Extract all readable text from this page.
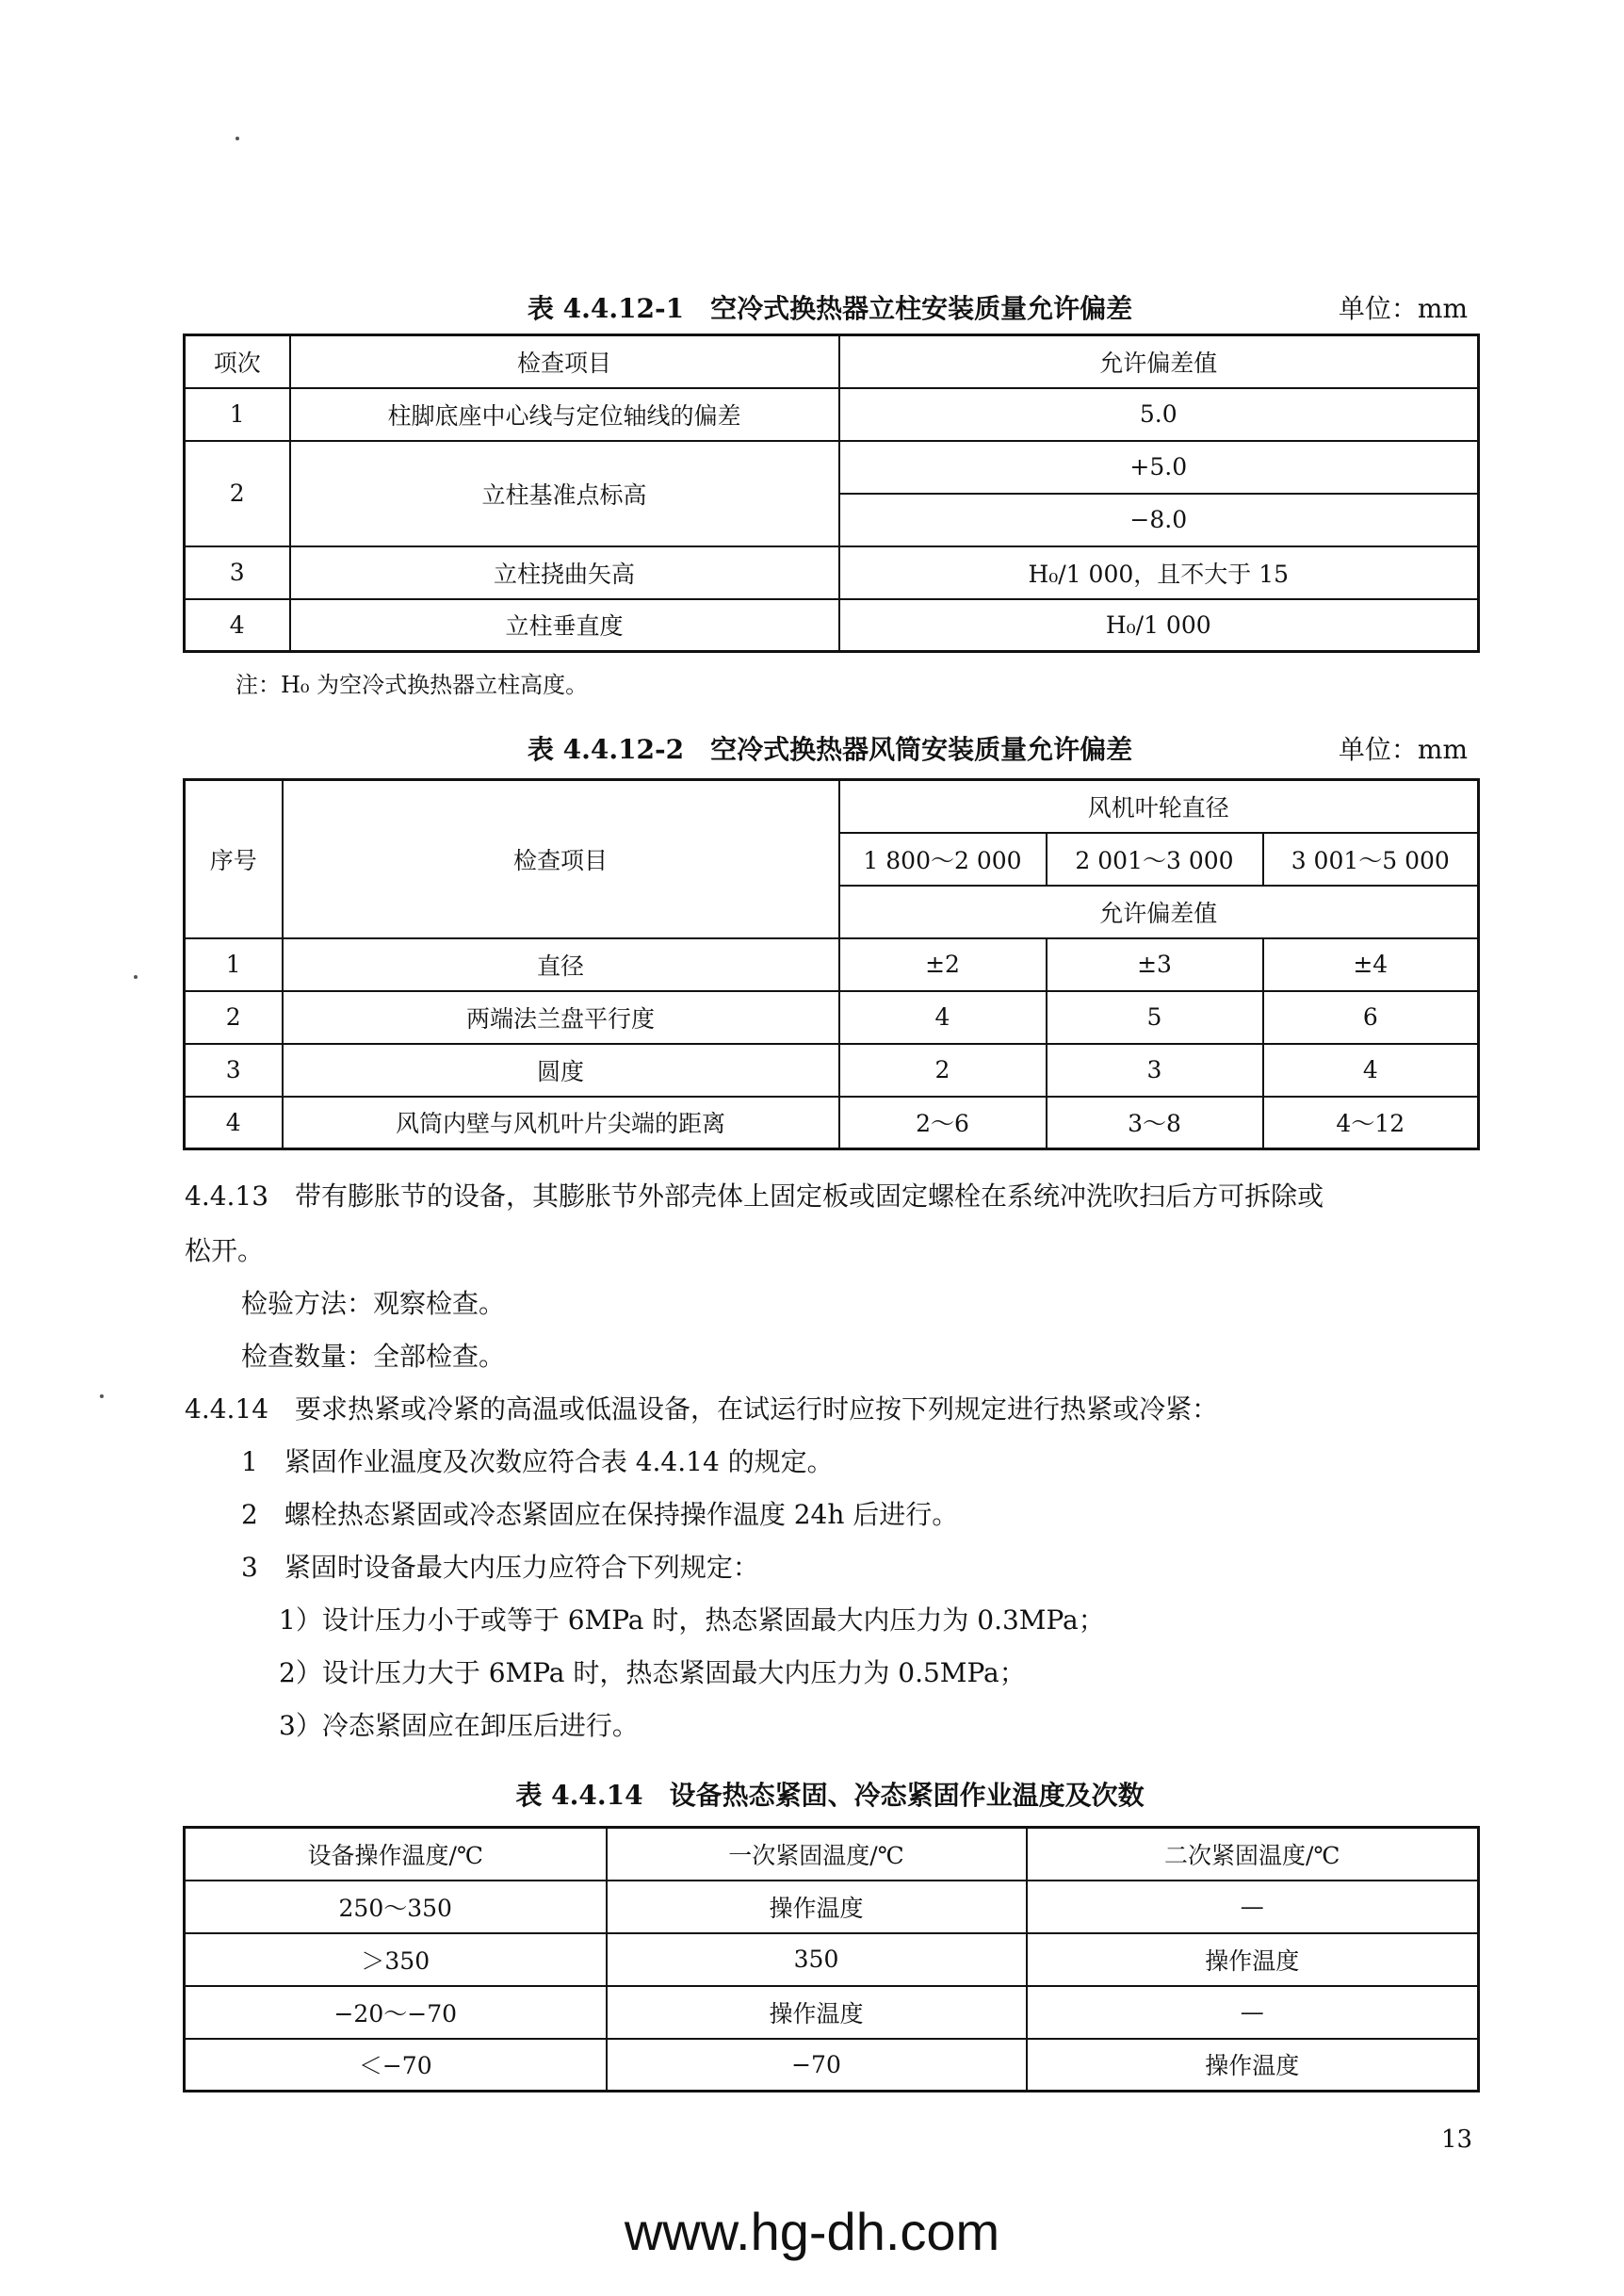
表 4.4.12-1　空冷式换热器立柱安装质量允许偏差	单位：mm
项次	检查项目	允许偏差值
1	柱脚底座中心线与定位轴线的偏差	5.0
2	立柱基准点标高	+5.0
		−8.0
3	立柱挠曲矢高	H₀/1 000，且不大于 15
4	立柱垂直度	H₀/1 000
注：H₀ 为空冷式换热器立柱高度。
表 4.4.12-2　空冷式换热器风筒安装质量允许偏差	单位：mm
序号	检查项目	风机叶轮直径		
		1 800～2 000	2 001～3 000	3 001～5 000
		允许偏差值		
1	直径	±2	±3	±4
2	两端法兰盘平行度	4	5	6
3	圆度	2	3	4
4	风筒内壁与风机叶片尖端的距离	2～6	3～8	4～12
4.4.13　带有膨胀节的设备，其膨胀节外部壳体上固定板或固定螺栓在系统冲洗吹扫后方可拆除或
松开。
检验方法：观察检查。
检查数量：全部检查。
4.4.14　要求热紧或冷紧的高温或低温设备，在试运行时应按下列规定进行热紧或冷紧：
1　紧固作业温度及次数应符合表 4.4.14 的规定。
2　螺栓热态紧固或冷态紧固应在保持操作温度 24h 后进行。
3　紧固时设备最大内压力应符合下列规定：
1）设计压力小于或等于 6MPa 时，热态紧固最大内压力为 0.3MPa；
2）设计压力大于 6MPa 时，热态紧固最大内压力为 0.5MPa；
3）冷态紧固应在卸压后进行。
表 4.4.14　设备热态紧固、冷态紧固作业温度及次数
设备操作温度/℃	一次紧固温度/℃	二次紧固温度/℃
250～350	操作温度	—
＞350	350	操作温度
−20～−70	操作温度	—
＜−70	−70	操作温度
13
www.hg-dh.com
